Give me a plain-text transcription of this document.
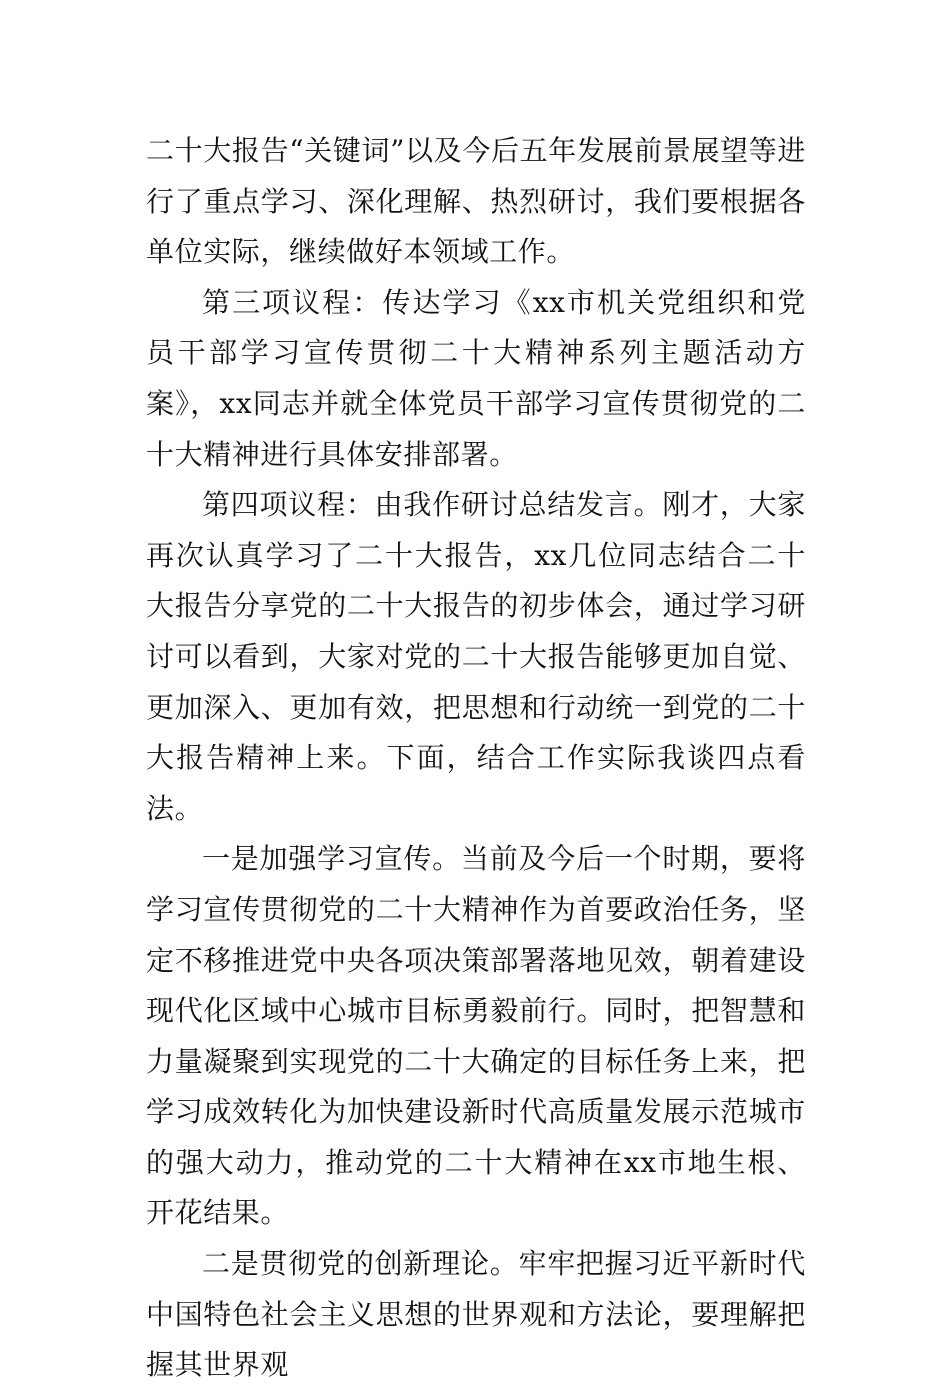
二十大报告“关键词”以及今后五年发展前景展望等进行了重点学习、深化理解、热烈研讨，我们要根据各单位实际，继续做好本领域工作。

第三项议程：传达学习《xx市机关党组织和党员干部学习宣传贯彻二十大精神系列主题活动方案》，xx同志并就全体党员干部学习宣传贯彻党的二十大精神进行具体安排部署。

第四项议程：由我作研讨总结发言。刚才，大家再次认真学习了二十大报告，xx几位同志结合二十大报告分享党的二十大报告的初步体会，通过学习研讨可以看到，大家对党的二十大报告能够更加自觉、更加深入、更加有效，把思想和行动统一到党的二十大报告精神上来。下面，结合工作实际我谈四点看法。

一是加强学习宣传。当前及今后一个时期，要将学习宣传贯彻党的二十大精神作为首要政治任务，坚定不移推进党中央各项决策部署落地见效，朝着建设现代化区域中心城市目标勇毅前行。同时，把智慧和力量凝聚到实现党的二十大确定的目标任务上来，把学习成效转化为加快建设新时代高质量发展示范城市的强大动力，推动党的二十大精神在xx市地生根、开花结果。

二是贯彻党的创新理论。牢牢把握习近平新时代中国特色社会主义思想的世界观和方法论，要理解把握其世界观
